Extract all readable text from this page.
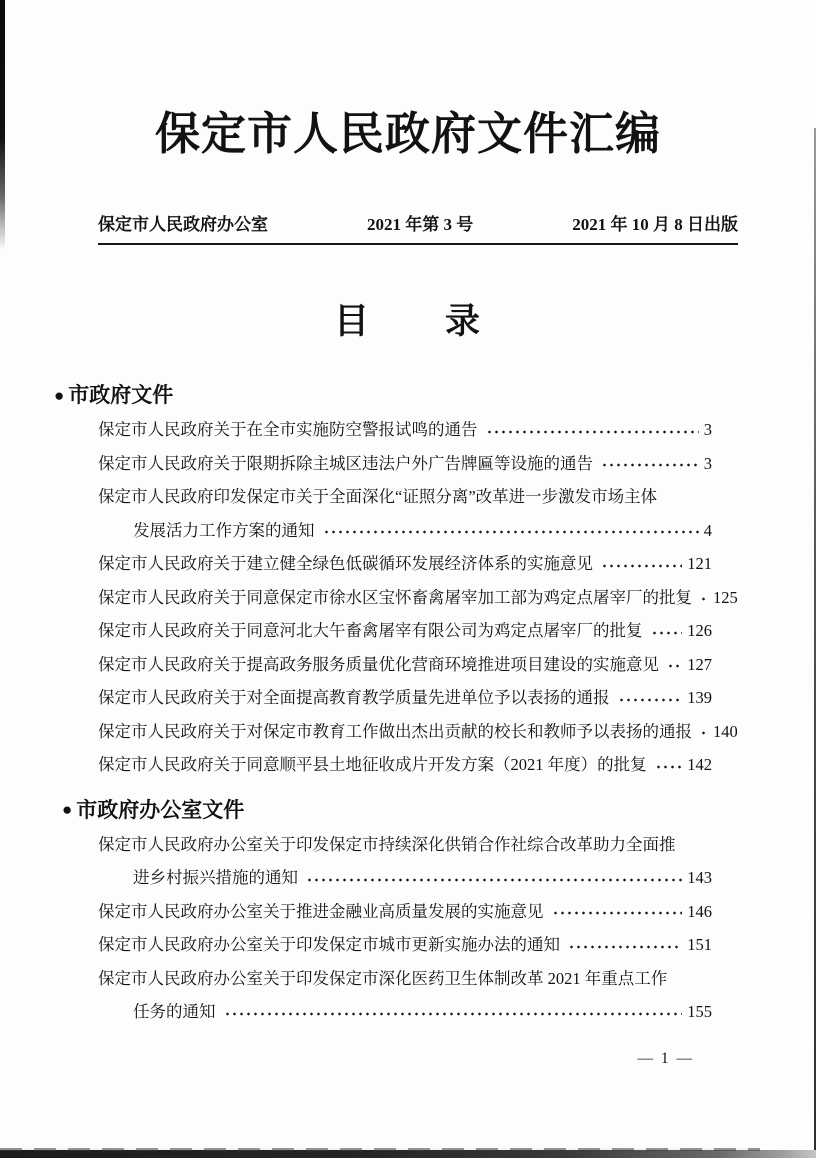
保定市人民政府文件汇编
保定市人民政府办公室	2021 年第 3 号	2021 年 10 月 8 日出版
目　　录
● 市政府文件
保定市人民政府关于在全市实施防空警报试鸣的通告	3
保定市人民政府关于限期拆除主城区违法户外广告牌匾等设施的通告	3
保定市人民政府印发保定市关于全面深化“证照分离”改革进一步激发市场主体
发展活力工作方案的通知	4
保定市人民政府关于建立健全绿色低碳循环发展经济体系的实施意见	121
保定市人民政府关于同意保定市徐水区宝怀畜禽屠宰加工部为鸡定点屠宰厂的批复 125
保定市人民政府关于同意河北大午畜禽屠宰有限公司为鸡定点屠宰厂的批复	126
保定市人民政府关于提高政务服务质量优化营商环境推进项目建设的实施意见 127
保定市人民政府关于对全面提高教育教学质量先进单位予以表扬的通报	139
保定市人民政府关于对保定市教育工作做出杰出贡献的校长和教师予以表扬的通报 140
保定市人民政府关于同意顺平县土地征收成片开发方案（2021 年度）的批复 142
● 市政府办公室文件
保定市人民政府办公室关于印发保定市持续深化供销合作社综合改革助力全面推
进乡村振兴措施的通知	143
保定市人民政府办公室关于推进金融业高质量发展的实施意见	146
保定市人民政府办公室关于印发保定市城市更新实施办法的通知	151
保定市人民政府办公室关于印发保定市深化医药卫生体制改革 2021 年重点工作
任务的通知	155
— 1 —
